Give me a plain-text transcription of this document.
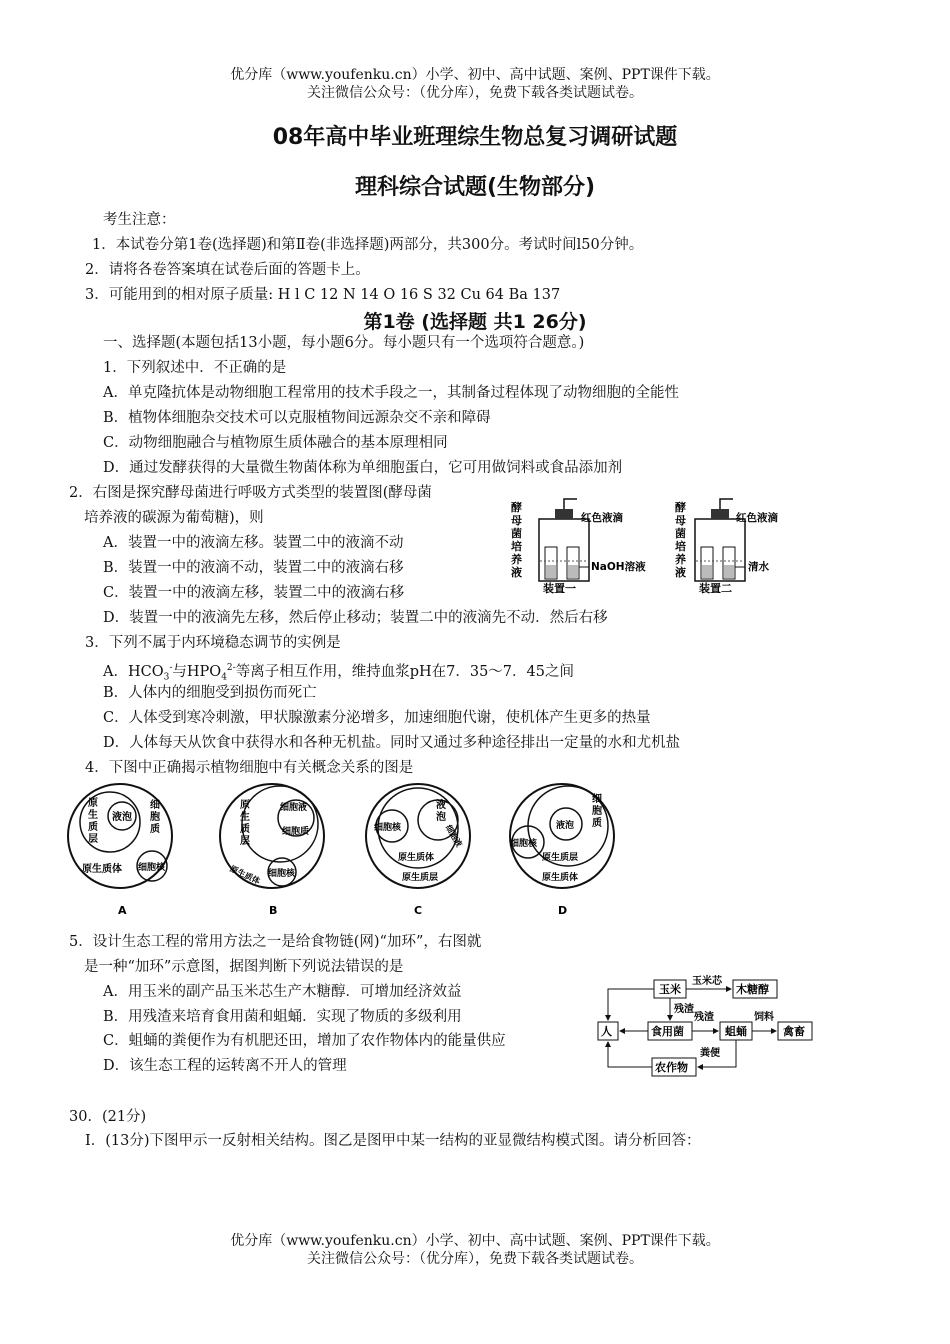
优分库（www.youfenku.cn）小学、初中、高中试题、案例、PPT课件下载。
关注微信公众号：（优分库），免费下载各类试题试卷。
08年高中毕业班理综生物总复习调研试题
理科综合试题(生物部分)
考生注意：
1．本试卷分第1卷(选择题)和第Ⅱ卷(非选择题)两部分，共300分。考试时间l50分钟。
2．请将各卷答案填在试卷后面的答题卡上。
3．可能用到的相对原子质量: H l C 12 N 14 O 16 S 32 Cu 64 Ba 137
第1卷 (选择题 共1 26分)
一、选择题(本题包括13小题，每小题6分。每小题只有一个选项符合题意。)
1．下列叙述中．不正确的是
A．单克隆抗体是动物细胞工程常用的技术手段之一，其制备过程体现了动物细胞的全能性
B．植物体细胞杂交技术可以克服植物间远源杂交不亲和障碍
C．动物细胞融合与植物原生质体融合的基本原理相同
D．通过发酵获得的大量微生物菌体称为单细胞蛋白，它可用做饲料或食品添加剂
2．右图是探究酵母菌进行呼吸方式类型的装置图(酵母菌
培养液的碳源为葡萄糖)，则
A．装置一中的液滴左移。装置二中的液滴不动
B．装置一中的液滴不动，装置二中的液滴右移
C．装置一中的液滴左移，装置二中的液滴右移
D．装置一中的液滴先左移，然后停止移动；装置二中的液滴先不动．然后右移
酵
母
菌
培
养
液
红色液滴
NaOH溶液
装置一
酵
母
菌
培
养
液
红色液滴
清水
装置二
3．下列不属于内环境稳态调节的实例是
A．$HCO_3^-$与$HPO_4^{2-}$等离子相互作用，维持血浆pH在7．35～7．45之间
B．人体内的细胞受到损伤而死亡
C．人体受到寒冷刺激，甲状腺激素分泌增多，加速细胞代谢，使机体产生更多的热量
D．人体每天从饮食中获得水和各种无机盐。同时又通过多种途径排出一定量的水和尤机盐
4．下图中正确揭示植物细胞中有关概念关系的图是
原
生
质
层
液泡
细
胞
质
原生质体 细胞核
A
原
生
质
层
细胞液
细胞质
原生质体 细胞核
B
液
泡
细胞液
细胞核
原生质体
原生质层
C
细
胞
质
液泡
细胞核
原生质层
原生质体
D
5．设计生态工程的常用方法之一是给食物链(网)“加环”，右图就
是一种“加环”示意图，据图判断下列说法错误的是
A．用玉米的副产品玉米芯生产木糖醇．可增加经济效益
B．用残渣来培育食用菌和蛆蛹．实现了物质的多级利用
C．蛆蛹的粪便作为有机肥还田，增加了农作物体内的能量供应
D．该生态工程的运转离不开人的管理
玉米	木糖醇
人	食用菌	蛆蛹	禽畜
农作物
玉米芯
残渣
残渣	饲料
粪便
30．(21分)
I．(13分)下图甲示一反射相关结构。图乙是图甲中某一结构的亚显微结构模式图。请分析回答：
优分库（www.youfenku.cn）小学、初中、高中试题、案例、PPT课件下载。
关注微信公众号：（优分库），免费下载各类试题试卷。
